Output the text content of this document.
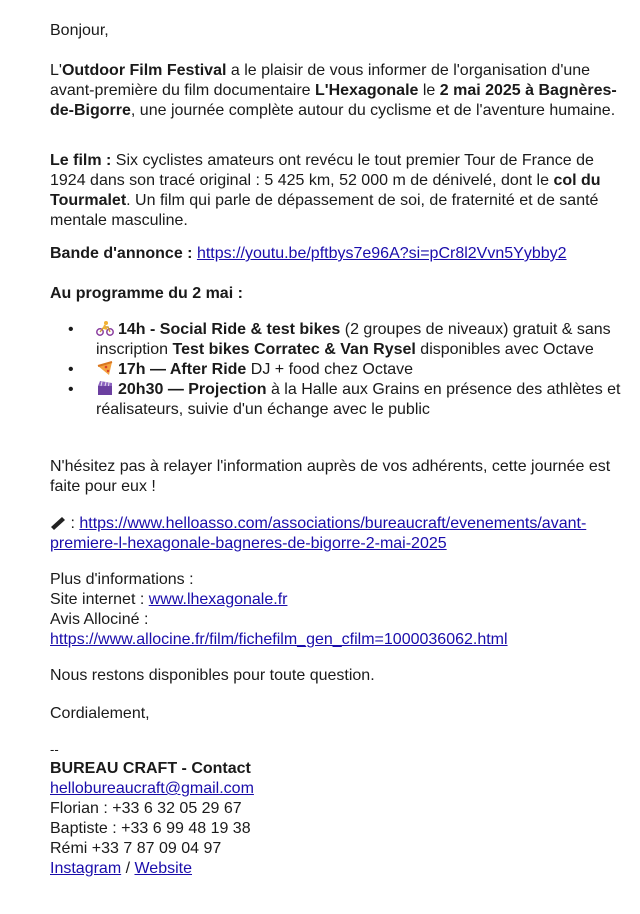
Bonjour,

L'Outdoor Film Festival a le plaisir de vous informer de l'organisation d'une avant-première du film documentaire L'Hexagonale le 2 mai 2025 à Bagnères-de-Bigorre, une journée complète autour du cyclisme et de l'aventure humaine.

Le film : Six cyclistes amateurs ont revécu le tout premier Tour de France de 1924 dans son tracé original : 5 425 km, 52 000 m de dénivelé, dont le col du Tourmalet. Un film qui parle de dépassement de soi, de fraternité et de santé mentale masculine.

Bande d'annonce : https://youtu.be/pftbys7e96A?si=pCr8l2Vvn5Yybby2

Au programme du 2 mai :

•	14h - Social Ride & test bikes (2 groupes de niveaux) gratuit & sans inscription Test bikes Corratec & Van Rysel disponibles avec Octave
•	17h — After Ride DJ + food chez Octave
•	20h30 — Projection à la Halle aux Grains en présence des athlètes et réalisateurs, suivie d'un échange avec le public

N'hésitez pas à relayer l'information auprès de vos adhérents, cette journée est faite pour eux !

: https://www.helloasso.com/associations/bureaucraft/evenements/avant-premiere-l-hexagonale-bagneres-de-bigorre-2-mai-2025

Plus d'informations :
Site internet : www.lhexagonale.fr
Avis Allociné :
https://www.allocine.fr/film/fichefilm_gen_cfilm=1000036062.html

Nous restons disponibles pour toute question.

Cordialement,

--

BUREAU CRAFT - Contact

hellobureaucraft@gmail.com

Florian : +33 6 32 05 29 67

Baptiste : +33 6 99 48 19 38

Rémi +33 7 87 09 04 97

Instagram / Website
